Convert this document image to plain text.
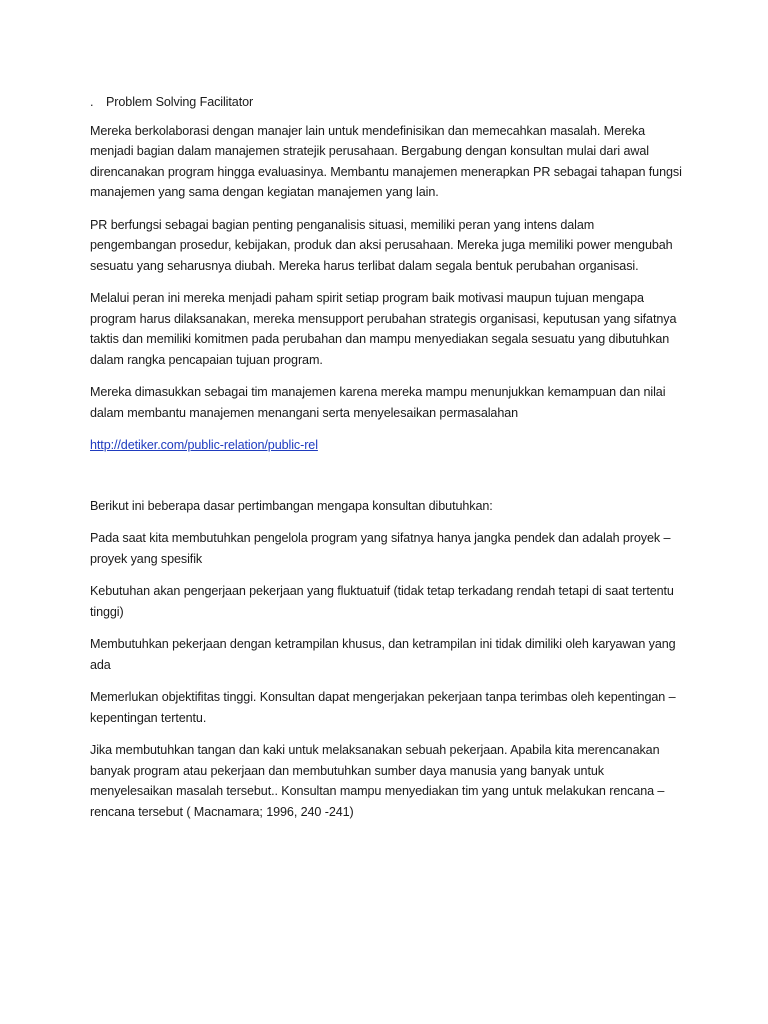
. Problem Solving Facilitator

Mereka berkolaborasi dengan manajer lain untuk mendefinisikan dan memecahkan masalah. Mereka menjadi bagian dalam manajemen stratejik perusahaan. Bergabung dengan konsultan mulai dari awal direncanakan program hingga evaluasinya. Membantu manajemen menerapkan PR sebagai tahapan fungsi manajemen yang sama dengan kegiatan manajemen yang lain.

PR berfungsi sebagai bagian penting penganalisis situasi, memiliki peran yang intens dalam pengembangan prosedur, kebijakan, produk dan aksi perusahaan. Mereka juga memiliki power mengubah sesuatu yang seharusnya diubah. Mereka harus terlibat dalam segala bentuk perubahan organisasi.

Melalui peran ini mereka menjadi paham spirit setiap program baik motivasi maupun tujuan mengapa program harus dilaksanakan, mereka mensupport perubahan strategis organisasi, keputusan yang sifatnya taktis dan memiliki komitmen pada perubahan dan mampu menyediakan segala sesuatu yang dibutuhkan dalam rangka pencapaian tujuan program.

Mereka dimasukkan sebagai tim manajemen karena mereka mampu menunjukkan kemampuan dan nilai dalam membantu manajemen menangani serta menyelesaikan permasalahan

http://detiker.com/public-relation/public-rel

Berikut ini beberapa dasar pertimbangan mengapa konsultan dibutuhkan:

Pada saat kita membutuhkan pengelola program yang sifatnya hanya jangka pendek dan adalah proyek – proyek yang spesifik

Kebutuhan akan pengerjaan pekerjaan yang fluktuatuif (tidak tetap terkadang rendah tetapi di saat tertentu tinggi)

Membutuhkan pekerjaan dengan ketrampilan khusus, dan ketrampilan ini tidak dimiliki oleh karyawan yang ada

Memerlukan objektifitas tinggi. Konsultan dapat mengerjakan pekerjaan tanpa terimbas oleh kepentingan – kepentingan tertentu.

Jika membutuhkan tangan dan kaki untuk melaksanakan sebuah pekerjaan. Apabila kita merencanakan banyak program atau pekerjaan dan membutuhkan sumber daya manusia yang banyak untuk menyelesaikan masalah tersebut.. Konsultan mampu menyediakan tim yang untuk melakukan rencana – rencana tersebut ( Macnamara; 1996, 240 -241)
